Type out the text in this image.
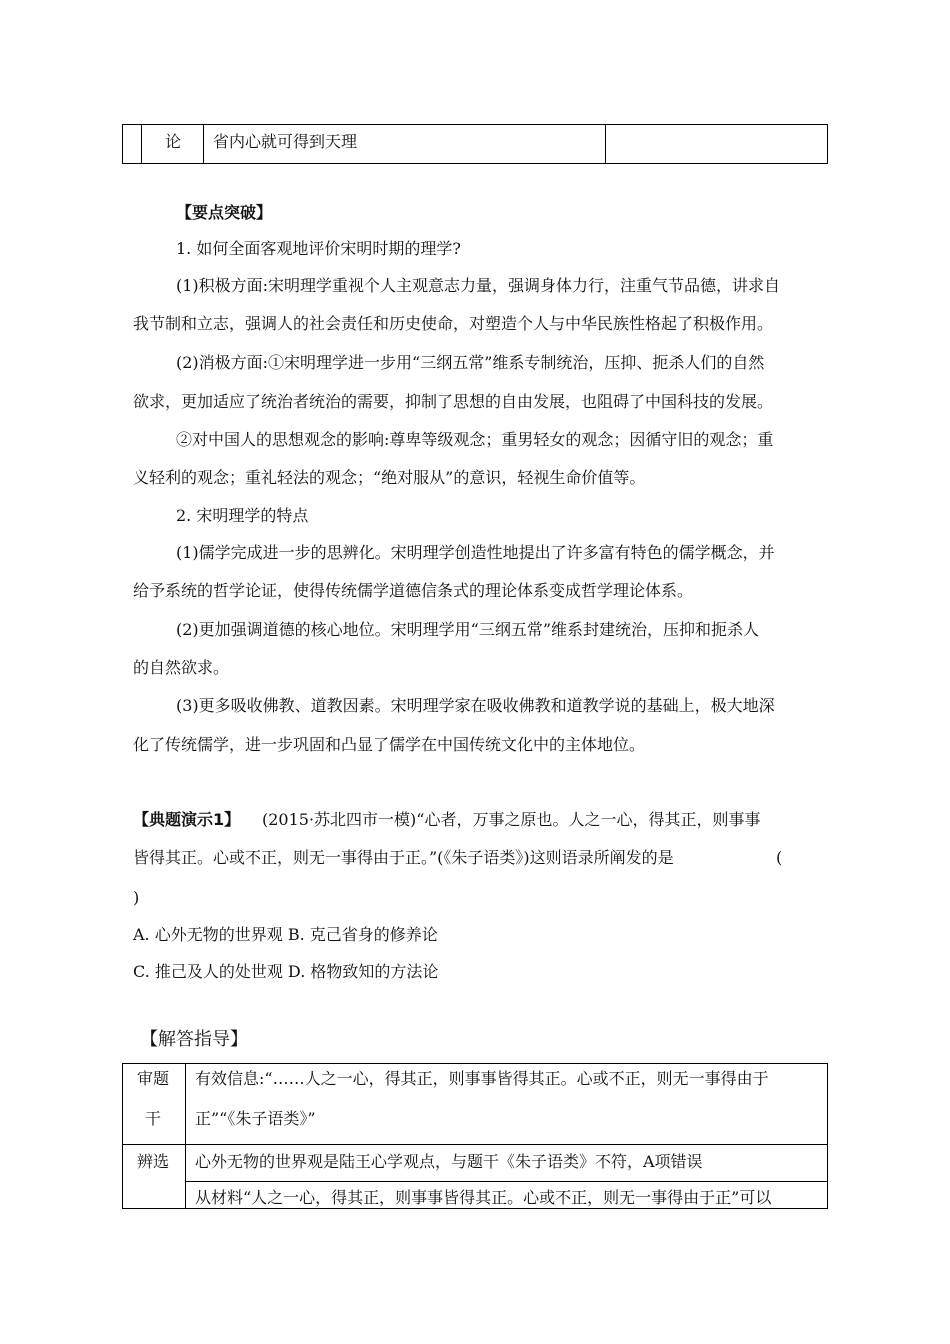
论 省内心就可得到天理
【要点突破】
1. 如何全面客观地评价宋明时期的理学?
(1)积极方面:宋明理学重视个人主观意志力量，强调身体力行，注重气节品德，讲求自
我节制和立志，强调人的社会责任和历史使命，对塑造个人与中华民族性格起了积极作用。
(2)消极方面:①宋明理学进一步用“三纲五常”维系专制统治，压抑、扼杀人们的自然
欲求，更加适应了统治者统治的需要，抑制了思想的自由发展，也阻碍了中国科技的发展。
②对中国人的思想观念的影响:尊卑等级观念；重男轻女的观念；因循守旧的观念；重
义轻利的观念；重礼轻法的观念；“绝对服从”的意识，轻视生命价值等。
2. 宋明理学的特点
(1)儒学完成进一步的思辨化。宋明理学创造性地提出了许多富有特色的儒学概念，并
给予系统的哲学论证，使得传统儒学道德信条式的理论体系变成哲学理论体系。
(2)更加强调道德的核心地位。宋明理学用“三纲五常”维系封建统治，压抑和扼杀人
的自然欲求。
(3)更多吸收佛教、道教因素。宋明理学家在吸收佛教和道教学说的基础上，极大地深
化了传统儒学，进一步巩固和凸显了儒学在中国传统文化中的主体地位。
【典题演示1】 (2015·苏北四市一模)“心者，万事之原也。人之一心，得其正，则事事
皆得其正。心或不正，则无一事得由于正。”(《朱子语类》)这则语录所阐发的是	(
)
A. 心外无物的世界观 B. 克己省身的修养论
C. 推己及人的处世观 D. 格物致知的方法论
【解答指导】
审题
干
有效信息:“……人之一心，得其正，则事事皆得其正。心或不正，则无一事得由于
正”“《朱子语类》”
辨选 心外无物的世界观是陆王心学观点，与题干《朱子语类》不符，A项错误
从材料“人之一心，得其正，则事事皆得其正。心或不正，则无一事得由于正”可以
